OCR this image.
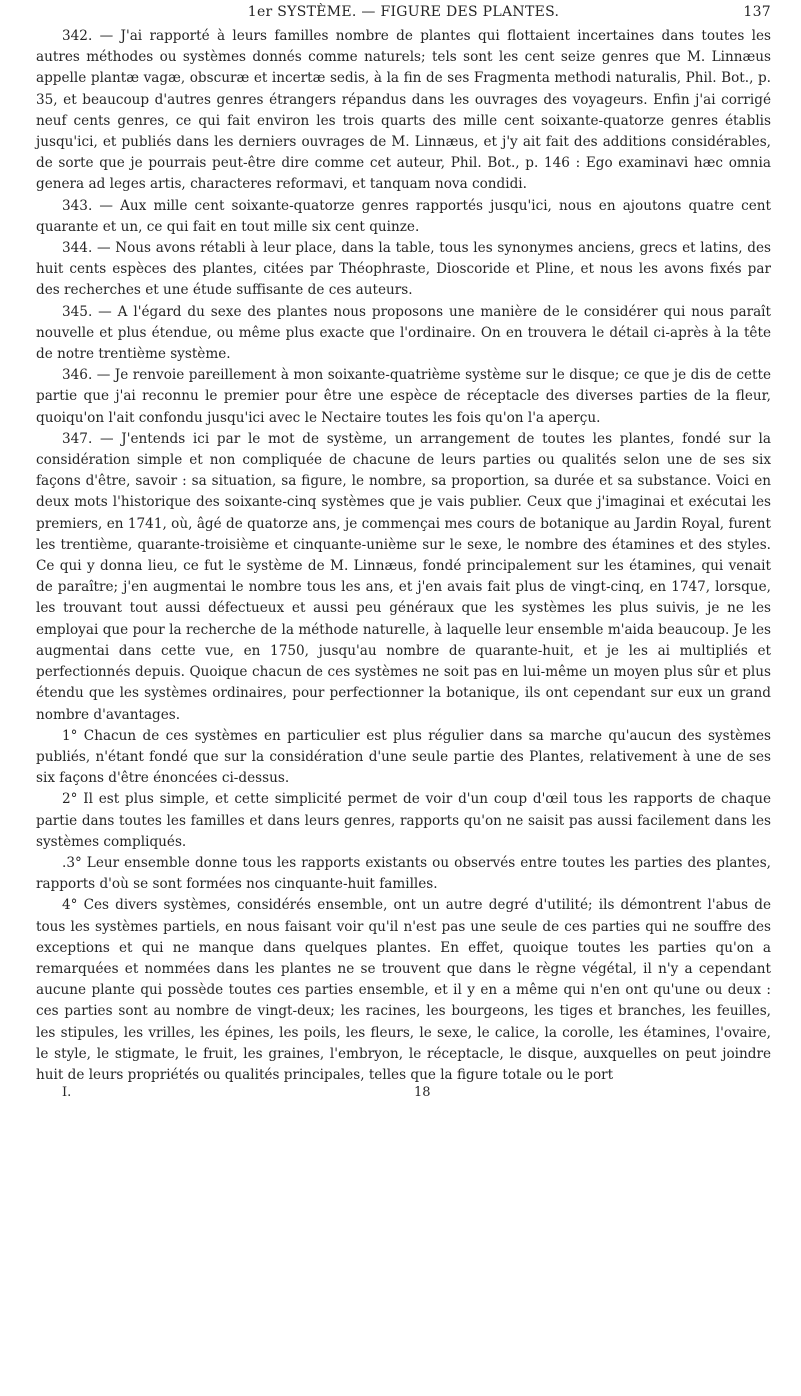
1er SYSTÈME. — FIGURE DES PLANTES.	137

342. — J'ai rapporté à leurs familles nombre de plantes qui flottaient incertaines dans toutes les autres méthodes ou systèmes donnés comme naturels; tels sont les cent seize genres que M. Linnæus appelle plantæ vagæ, obscuræ et incertæ sedis, à la fin de ses Fragmenta methodi naturalis, Phil. Bot., p. 35, et beaucoup d'autres genres étrangers répandus dans les ouvrages des voyageurs. Enfin j'ai corrigé neuf cents genres, ce qui fait environ les trois quarts des mille cent soixante-quatorze genres établis jusqu'ici, et publiés dans les derniers ouvrages de M. Linnæus, et j'y ait fait des additions considérables, de sorte que je pourrais peut-être dire comme cet auteur, Phil. Bot., p. 146 : Ego examinavi hæc omnia genera ad leges artis, characteres reformavi, et tanquam nova condidi.

343. — Aux mille cent soixante-quatorze genres rapportés jusqu'ici, nous en ajoutons quatre cent quarante et un, ce qui fait en tout mille six cent quinze.

344. — Nous avons rétabli à leur place, dans la table, tous les synonymes anciens, grecs et latins, des huit cents espèces des plantes, citées par Théophraste, Dioscoride et Pline, et nous les avons fixés par des recherches et une étude suffisante de ces auteurs.

345. — A l'égard du sexe des plantes nous proposons une manière de le considérer qui nous paraît nouvelle et plus étendue, ou même plus exacte que l'ordinaire. On en trouvera le détail ci-après à la tête de notre trentième système.

346. — Je renvoie pareillement à mon soixante-quatrième système sur le disque; ce que je dis de cette partie que j'ai reconnu le premier pour être une espèce de réceptacle des diverses parties de la fleur, quoiqu'on l'ait confondu jusqu'ici avec le Nectaire toutes les fois qu'on l'a aperçu.

347. — J'entends ici par le mot de système, un arrangement de toutes les plantes, fondé sur la considération simple et non compliquée de chacune de leurs parties ou qualités selon une de ses six façons d'être, savoir : sa situation, sa figure, le nombre, sa proportion, sa durée et sa substance. Voici en deux mots l'historique des soixante-cinq systèmes que je vais publier. Ceux que j'imaginai et exécutai les premiers, en 1741, où, âgé de quatorze ans, je commençai mes cours de botanique au Jardin Royal, furent les trentième, quarante-troisième et cinquante-unième sur le sexe, le nombre des étamines et des styles. Ce qui y donna lieu, ce fut le système de M. Linnæus, fondé principalement sur les étamines, qui venait de paraître; j'en augmentai le nombre tous les ans, et j'en avais fait plus de vingt-cinq, en 1747, lorsque, les trouvant tout aussi défectueux et aussi peu généraux que les systèmes les plus suivis, je ne les employai que pour la recherche de la méthode naturelle, à laquelle leur ensemble m'aida beaucoup. Je les augmentai dans cette vue, en 1750, jusqu'au nombre de quarante-huit, et je les ai multipliés et perfectionnés depuis. Quoique chacun de ces systèmes ne soit pas en lui-même un moyen plus sûr et plus étendu que les systèmes ordinaires, pour perfectionner la botanique, ils ont cependant sur eux un grand nombre d'avantages.

1° Chacun de ces systèmes en particulier est plus régulier dans sa marche qu'aucun des systèmes publiés, n'étant fondé que sur la considération d'une seule partie des Plantes, relativement à une de ses six façons d'être énoncées ci-dessus.

2° Il est plus simple, et cette simplicité permet de voir d'un coup d'œil tous les rapports de chaque partie dans toutes les familles et dans leurs genres, rapports qu'on ne saisit pas aussi facilement dans les systèmes compliqués.

.3° Leur ensemble donne tous les rapports existants ou observés entre toutes les parties des plantes, rapports d'où se sont formées nos cinquante-huit familles.

4° Ces divers systèmes, considérés ensemble, ont un autre degré d'utilité; ils démontrent l'abus de tous les systèmes partiels, en nous faisant voir qu'il n'est pas une seule de ces parties qui ne souffre des exceptions et qui ne manque dans quelques plantes. En effet, quoique toutes les parties qu'on a remarquées et nommées dans les plantes ne se trouvent que dans le règne végétal, il n'y a cependant aucune plante qui possède toutes ces parties ensemble, et il y en a même qui n'en ont qu'une ou deux : ces parties sont au nombre de vingt-deux; les racines, les bourgeons, les tiges et branches, les feuilles, les stipules, les vrilles, les épines, les poils, les fleurs, le sexe, le calice, la corolle, les étamines, l'ovaire, le style, le stigmate, le fruit, les graines, l'embryon, le réceptacle, le disque, auxquelles on peut joindre huit de leurs propriétés ou qualités principales, telles que la figure totale ou le port

I.	18
